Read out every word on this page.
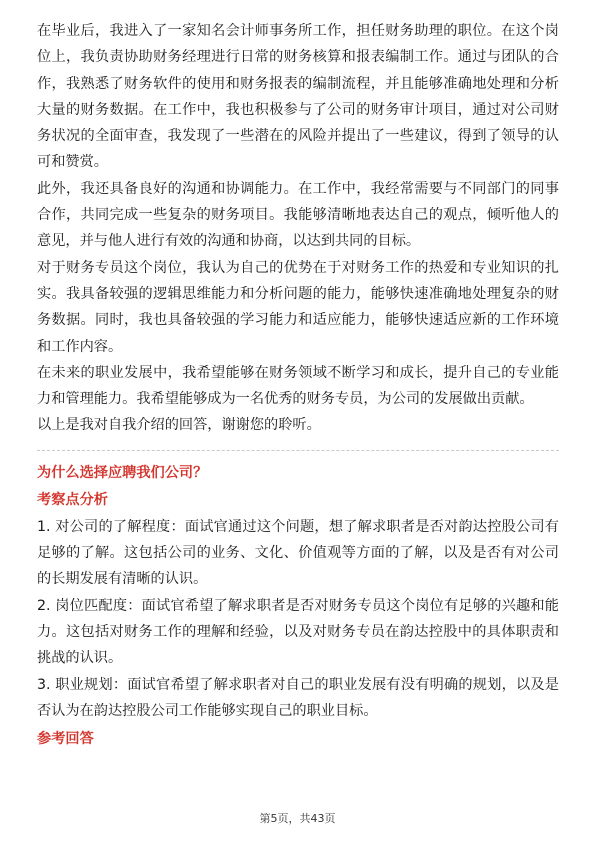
在毕业后，我进入了一家知名会计师事务所工作，担任财务助理的职位。在这个岗位上，我负责协助财务经理进行日常的财务核算和报表编制工作。通过与团队的合作，我熟悉了财务软件的使用和财务报表的编制流程，并且能够准确地处理和分析大量的财务数据。在工作中，我也积极参与了公司的财务审计项目，通过对公司财务状况的全面审查，我发现了一些潜在的风险并提出了一些建议，得到了领导的认可和赞赏。

此外，我还具备良好的沟通和协调能力。在工作中，我经常需要与不同部门的同事合作，共同完成一些复杂的财务项目。我能够清晰地表达自己的观点，倾听他人的意见，并与他人进行有效的沟通和协商，以达到共同的目标。

对于财务专员这个岗位，我认为自己的优势在于对财务工作的热爱和专业知识的扎实。我具备较强的逻辑思维能力和分析问题的能力，能够快速准确地处理复杂的财务数据。同时，我也具备较强的学习能力和适应能力，能够快速适应新的工作环境和工作内容。

在未来的职业发展中，我希望能够在财务领域不断学习和成长，提升自己的专业能力和管理能力。我希望能够成为一名优秀的财务专员，为公司的发展做出贡献。

以上是我对自我介绍的回答，谢谢您的聆听。

为什么选择应聘我们公司？
考察点分析

1. 对公司的了解程度：面试官通过这个问题，想了解求职者是否对韵达控股公司有足够的了解。这包括公司的业务、文化、价值观等方面的了解，以及是否有对公司的长期发展有清晰的认识。

2. 岗位匹配度：面试官希望了解求职者是否对财务专员这个岗位有足够的兴趣和能力。这包括对财务工作的理解和经验，以及对财务专员在韵达控股中的具体职责和挑战的认识。

3. 职业规划：面试官希望了解求职者对自己的职业发展有没有明确的规划，以及是否认为在韵达控股公司工作能够实现自己的职业目标。

参考回答
第5页，共43页
